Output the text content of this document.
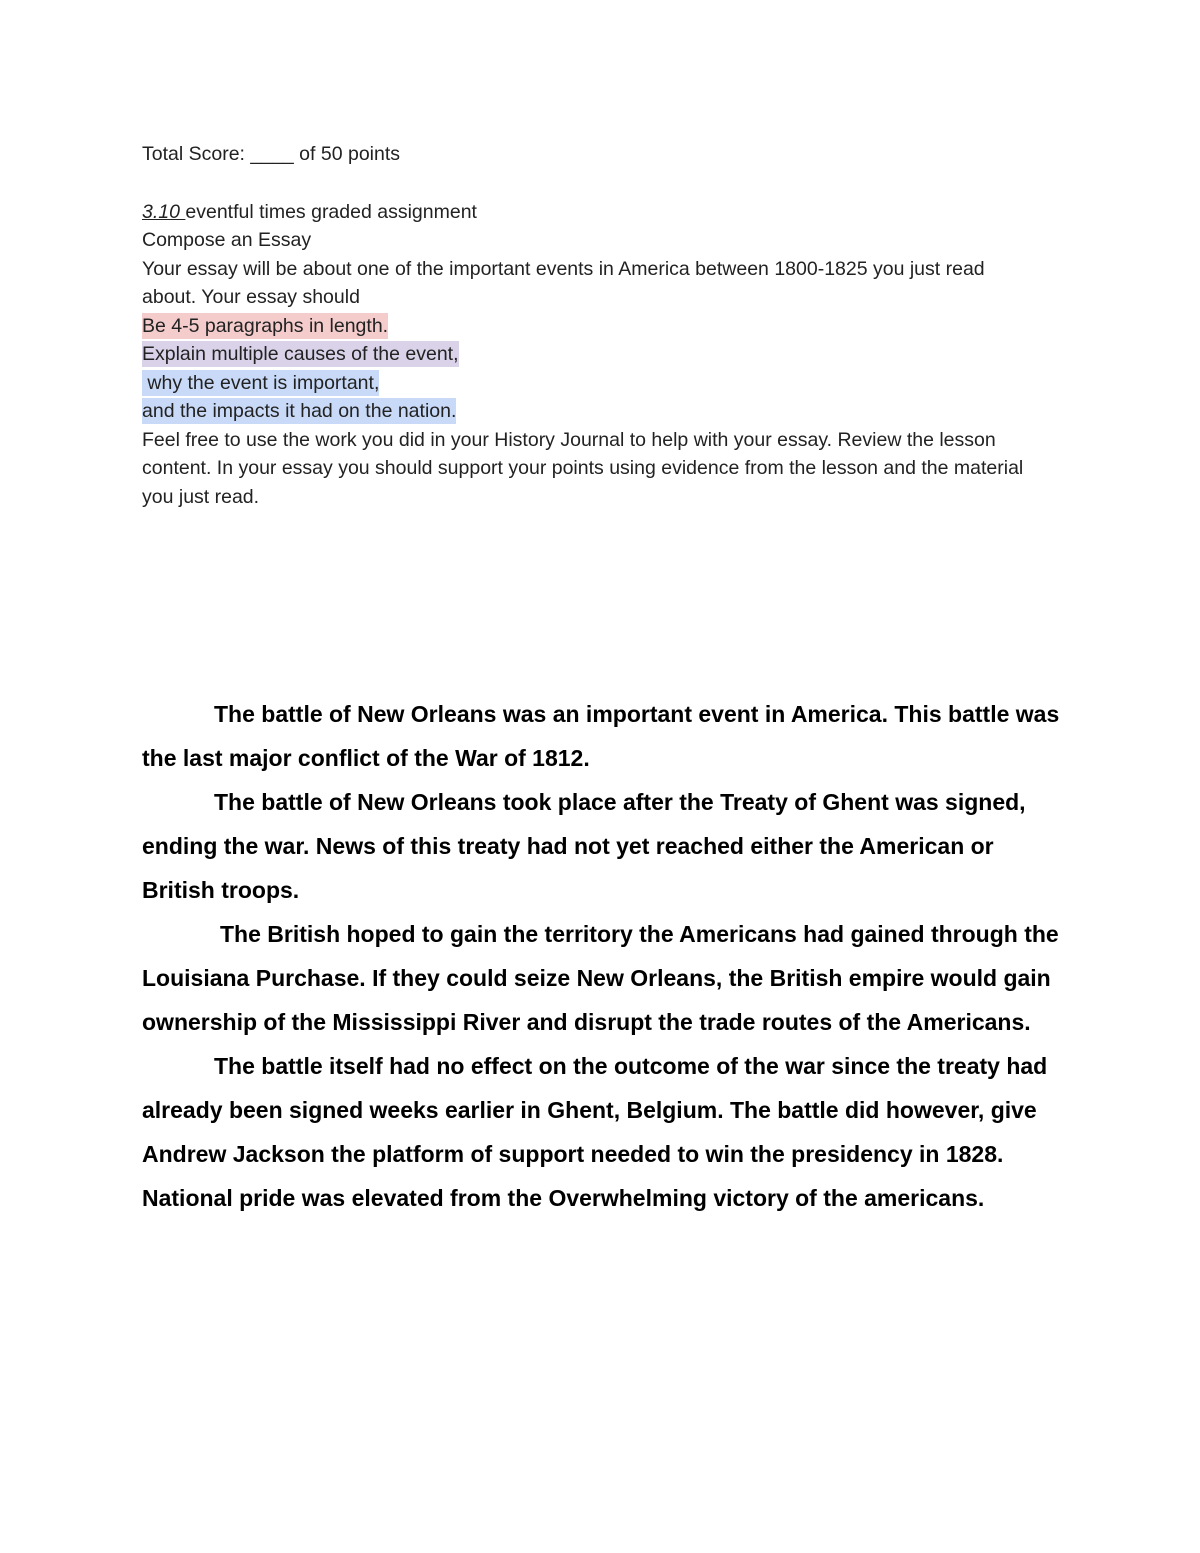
Total Score: ____ of 50 points
3.10 eventful times graded assignment
Compose an Essay
Your essay will be about one of the important events in America between 1800-1825 you just read about. Your essay should
Be 4-5 paragraphs in length.
Explain multiple causes of the event,
why the event is important,
and the impacts it had on the nation.
Feel free to use the work you did in your History Journal to help with your essay. Review the lesson content. In your essay you should support your points using evidence from the lesson and the material you just read.

The battle of New Orleans was an important event in America. This battle was the last major conflict of the War of 1812.

The battle of New Orleans took place after the Treaty of Ghent was signed, ending the war. News of this treaty had not yet reached either the American or British troops.

The British hoped to gain the territory the Americans had gained through the Louisiana Purchase. If they could seize New Orleans, the British empire would gain ownership of the Mississippi River and disrupt the trade routes of the Americans.

The battle itself had no effect on the outcome of the war since the treaty had already been signed weeks earlier in Ghent, Belgium. The battle did however, give Andrew Jackson the platform of support needed to win the presidency in 1828. National pride was elevated from the Overwhelming victory of the americans.
